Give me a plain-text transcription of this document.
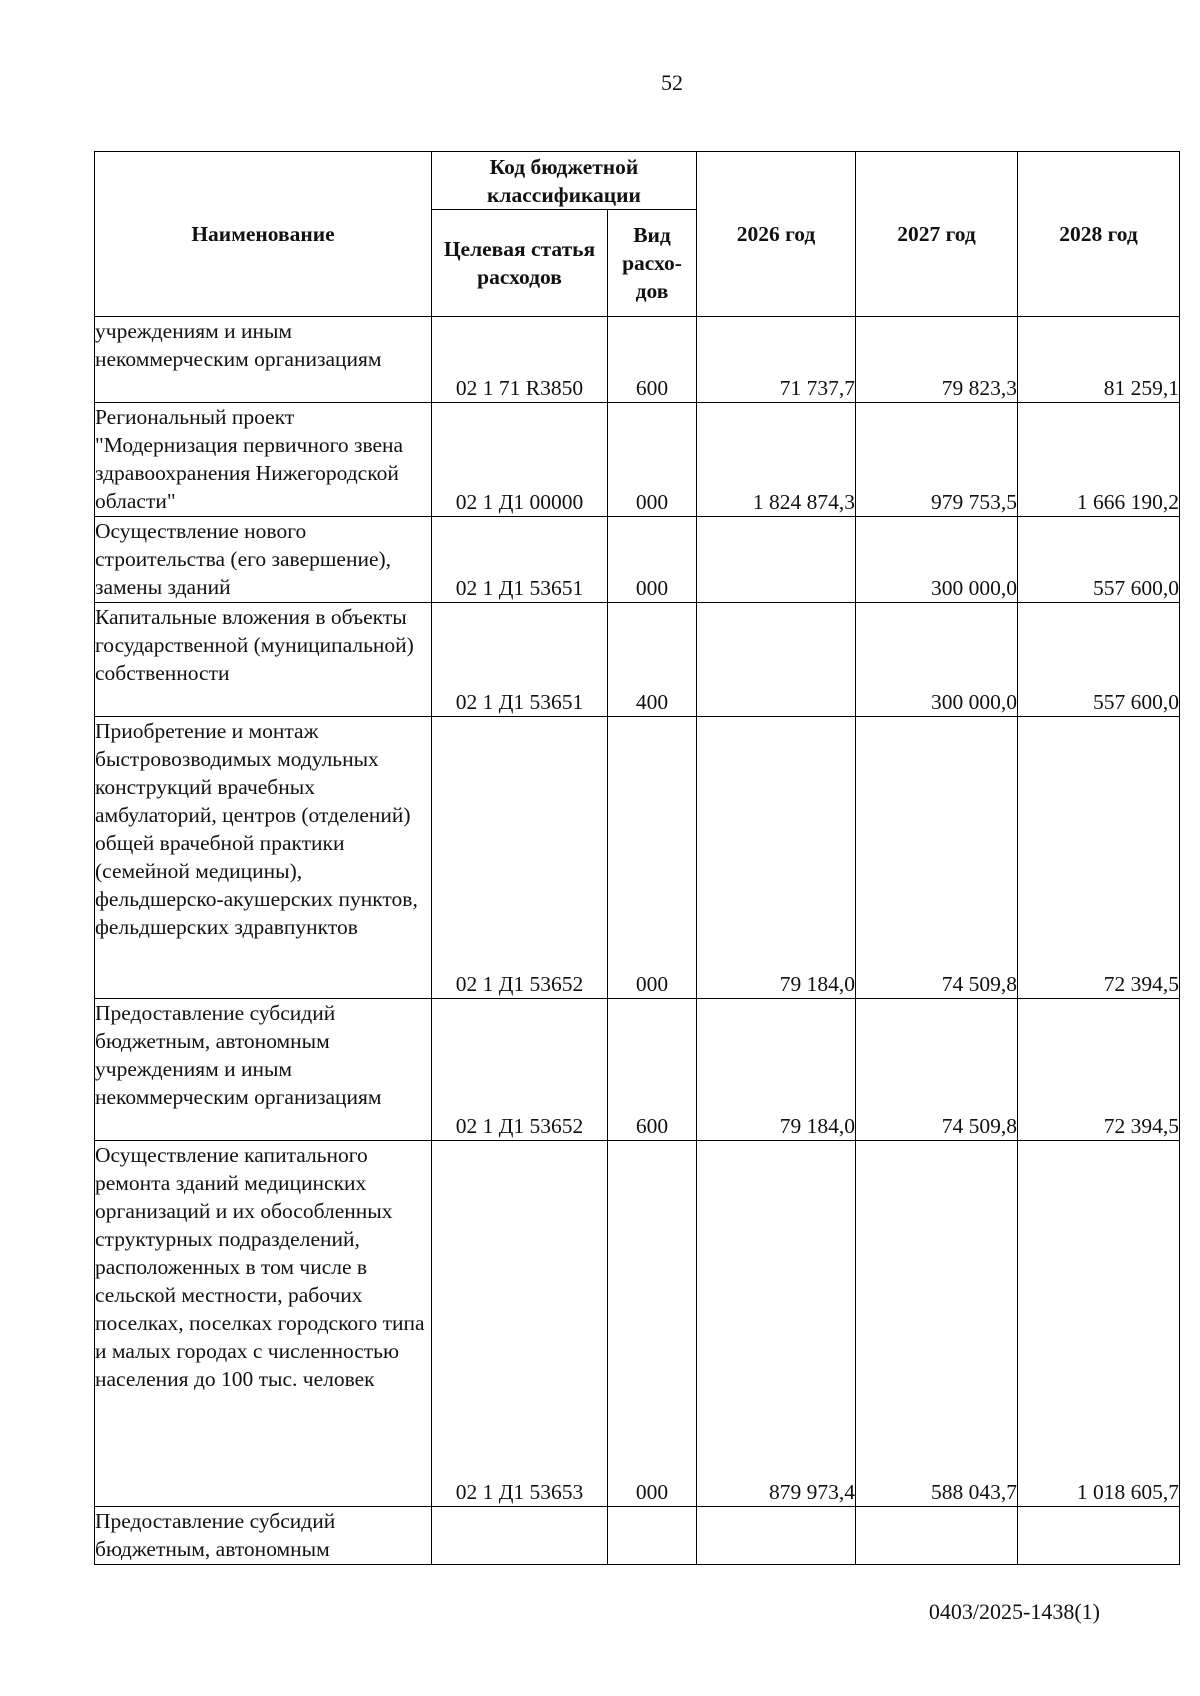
52
Наименование	Код бюджетной классификации		2026 год	2027 год	2028 год
	Целевая статья расходов	Вид расхо-дов			
учреждениям и иным некоммерческим организациям	02 1 71 R3850	600	71 737,7	79 823,3	81 259,1
Региональный проект "Модернизация первичного звена здравоохранения Нижегородской области"	02 1 Д1 00000	000	1 824 874,3	979 753,5	1 666 190,2
Осуществление нового строительства (его завершение), замены зданий	02 1 Д1 53651	000		300 000,0	557 600,0
Капитальные вложения в объекты государственной (муниципальной) собственности	02 1 Д1 53651	400		300 000,0	557 600,0
Приобретение и монтаж быстровозводимых модульных конструкций врачебных амбулаторий, центров (отделений) общей врачебной практики (семейной медицины), фельдшерско-акушерских пунктов, фельдшерских здравпунктов	02 1 Д1 53652	000	79 184,0	74 509,8	72 394,5
Предоставление субсидий бюджетным, автономным учреждениям и иным некоммерческим организациям	02 1 Д1 53652	600	79 184,0	74 509,8	72 394,5
Осуществление капитального ремонта зданий медицинских организаций и их обособленных структурных подразделений, расположенных в том числе в сельской местности, рабочих поселках, поселках городского типа и малых городах с численностью населения до 100 тыс. человек	02 1 Д1 53653	000	879 973,4	588 043,7	1 018 605,7
Предоставление субсидий бюджетным, автономным					
0403/2025-1438(1)
